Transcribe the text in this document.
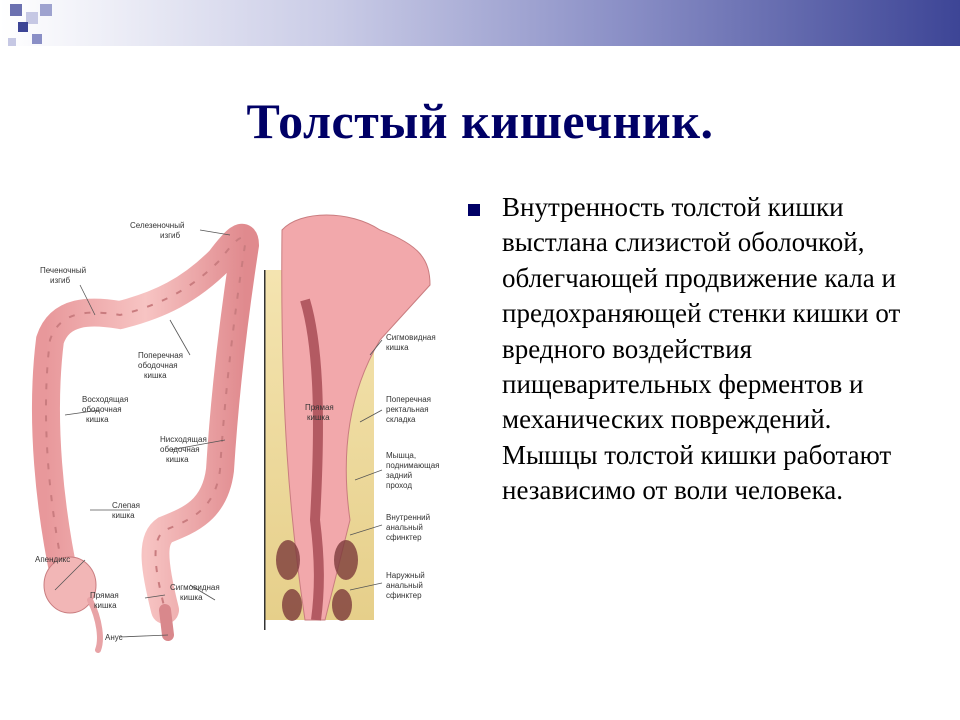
Толстый кишечник.
Внутренность толстой кишки выстлана слизистой оболочкой, облегчающей продвижение кала и предохраняющей стенки кишки от вредного воздействия пищеварительных ферментов и механических повреждений. Мышцы толстой кишки работают независимо от воли человека.
Селезеночный
изгиб
Печеночный
изгиб
Поперечная
ободочная
кишка
Восходящая
ободочная
кишка
Нисходящая
ободочная
кишка
Слепая
кишка
Апендикс
Прямая
кишка
Сигмовидная
кишка
Анус
Прямая
кишка
Сигмовидная
кишка
Поперечная
ректальная
складка
Мышца,
поднимающая
задний
проход
Внутренний
анальный
сфинктер
Наружный
анальный
сфинктер
